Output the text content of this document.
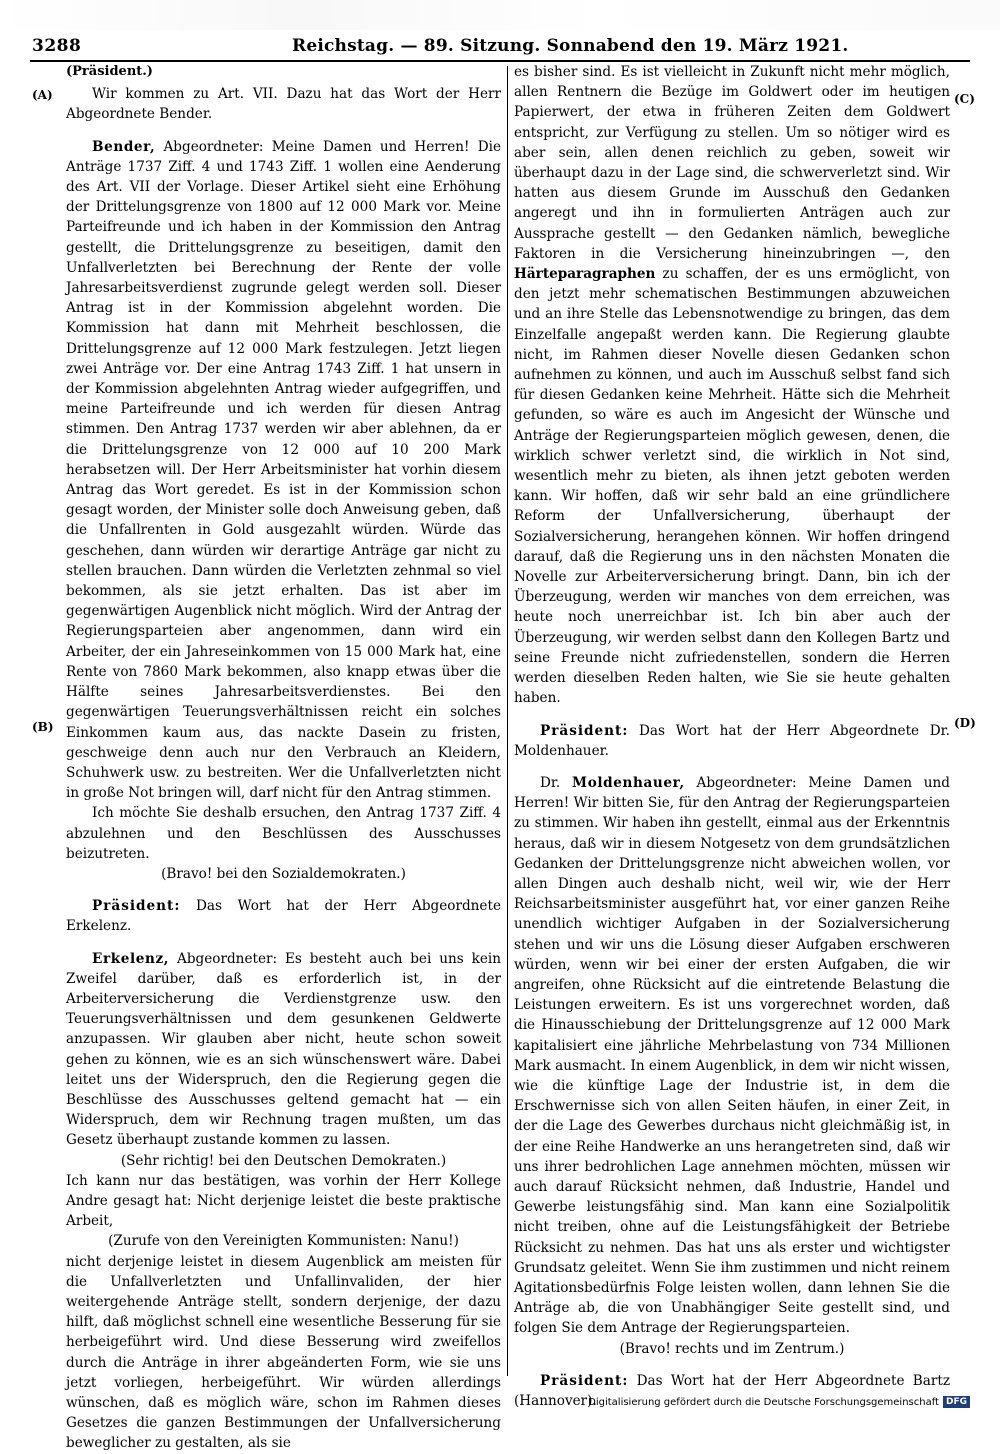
3288	Reichstag. — 89. Sitzung. Sonnabend den 19. März 1921.
(A)
(B)
(C)
(D)

(Präsident.)

Wir kommen zu Art. VII. Dazu hat das Wort der Herr Abgeordnete Bender.

Bender, Abgeordneter: Meine Damen und Herren! Die Anträge 1737 Ziff. 4 und 1743 Ziff. 1 wollen eine Aenderung des Art. VII der Vorlage. Dieser Artikel sieht eine Erhöhung der Drittelungsgrenze von 1800 auf 12 000 Mark vor. Meine Parteifreunde und ich haben in der Kommission den Antrag gestellt, die Drittelungsgrenze zu beseitigen, damit den Unfallverletzten bei Berechnung der Rente der volle Jahresarbeitsverdienst zugrunde gelegt werden soll. Dieser Antrag ist in der Kommission abgelehnt worden. Die Kommission hat dann mit Mehrheit beschlossen, die Drittelungsgrenze auf 12 000 Mark festzulegen. Jetzt liegen zwei Anträge vor. Der eine Antrag 1743 Ziff. 1 hat unsern in der Kommission abgelehnten Antrag wieder aufgegriffen, und meine Parteifreunde und ich werden für diesen Antrag stimmen. Den Antrag 1737 werden wir aber ablehnen, da er die Drittelungsgrenze von 12 000 auf 10 200 Mark herabsetzen will. Der Herr Arbeitsminister hat vorhin diesem Antrag das Wort geredet. Es ist in der Kommission schon gesagt worden, der Minister solle doch Anweisung geben, daß die Unfallrenten in Gold ausgezahlt würden. Würde das geschehen, dann würden wir derartige Anträge gar nicht zu stellen brauchen. Dann würden die Verletzten zehnmal so viel bekommen, als sie jetzt erhalten. Das ist aber im gegenwärtigen Augenblick nicht möglich. Wird der Antrag der Regierungsparteien aber angenommen, dann wird ein Arbeiter, der ein Jahreseinkommen von 15 000 Mark hat, eine Rente von 7860 Mark bekommen, also knapp etwas über die Hälfte seines Jahresarbeitsverdienstes. Bei den gegenwärtigen Teuerungsverhältnissen reicht ein solches Einkommen kaum aus, das nackte Dasein zu fristen, geschweige denn auch nur den Verbrauch an Kleidern, Schuhwerk usw. zu bestreiten. Wer die Unfallverletzten nicht in große Not bringen will, darf nicht für den Antrag stimmen.

Ich möchte Sie deshalb ersuchen, den Antrag 1737 Ziff. 4 abzulehnen und den Beschlüssen des Ausschusses beizutreten.

(Bravo! bei den Sozialdemokraten.)

Präsident: Das Wort hat der Herr Abgeordnete Erkelenz.

Erkelenz, Abgeordneter: Es besteht auch bei uns kein Zweifel darüber, daß es erforderlich ist, in der Arbeiterversicherung die Verdienstgrenze usw. den Teuerungsverhältnissen und dem gesunkenen Geldwerte anzupassen. Wir glauben aber nicht, heute schon soweit gehen zu können, wie es an sich wünschenswert wäre. Dabei leitet uns der Widerspruch, den die Regierung gegen die Beschlüsse des Ausschusses geltend gemacht hat — ein Widerspruch, dem wir Rechnung tragen mußten, um das Gesetz überhaupt zustande kommen zu lassen.

(Sehr richtig! bei den Deutschen Demokraten.)

Ich kann nur das bestätigen, was vorhin der Herr Kollege Andre gesagt hat: Nicht derjenige leistet die beste praktische Arbeit,

(Zurufe von den Vereinigten Kommunisten: Nanu!)

nicht derjenige leistet in diesem Augenblick am meisten für die Unfallverletzten und Unfallinvaliden, der hier weitergehende Anträge stellt, sondern derjenige, der dazu hilft, daß möglichst schnell eine wesentliche Besserung für sie herbeigeführt wird. Und diese Besserung wird zweifellos durch die Anträge in ihrer abgeänderten Form, wie sie uns jetzt vorliegen, herbeigeführt. Wir würden allerdings wünschen, daß es möglich wäre, schon im Rahmen dieses Gesetzes die ganzen Bestimmungen der Unfallversicherung beweglicher zu gestalten, als sie

es bisher sind. Es ist vielleicht in Zukunft nicht mehr möglich, allen Rentnern die Bezüge im Goldwert oder im heutigen Papierwert, der etwa in früheren Zeiten dem Goldwert entspricht, zur Verfügung zu stellen. Um so nötiger wird es aber sein, allen denen reichlich zu geben, soweit wir überhaupt dazu in der Lage sind, die schwerverletzt sind. Wir hatten aus diesem Grunde im Ausschuß den Gedanken angeregt und ihn in formulierten Anträgen auch zur Aussprache gestellt — den Gedanken nämlich, bewegliche Faktoren in die Versicherung hineinzubringen —, den Härteparagraphen zu schaffen, der es uns ermöglicht, von den jetzt mehr schematischen Bestimmungen abzuweichen und an ihre Stelle das Lebensnotwendige zu bringen, das dem Einzelfalle angepaßt werden kann. Die Regierung glaubte nicht, im Rahmen dieser Novelle diesen Gedanken schon aufnehmen zu können, und auch im Ausschuß selbst fand sich für diesen Gedanken keine Mehrheit. Hätte sich die Mehrheit gefunden, so wäre es auch im Angesicht der Wünsche und Anträge der Regierungsparteien möglich gewesen, denen, die wirklich schwer verletzt sind, die wirklich in Not sind, wesentlich mehr zu bieten, als ihnen jetzt geboten werden kann. Wir hoffen, daß wir sehr bald an eine gründlichere Reform der Unfallversicherung, überhaupt der Sozialversicherung, herangehen können. Wir hoffen dringend darauf, daß die Regierung uns in den nächsten Monaten die Novelle zur Arbeiterversicherung bringt. Dann, bin ich der Überzeugung, werden wir manches von dem erreichen, was heute noch unerreichbar ist. Ich bin aber auch der Überzeugung, wir werden selbst dann den Kollegen Bartz und seine Freunde nicht zufriedenstellen, sondern die Herren werden dieselben Reden halten, wie Sie sie heute gehalten haben.

Präsident: Das Wort hat der Herr Abgeordnete Dr. Moldenhauer.

Dr. Moldenhauer, Abgeordneter: Meine Damen und Herren! Wir bitten Sie, für den Antrag der Regierungsparteien zu stimmen. Wir haben ihn gestellt, einmal aus der Erkenntnis heraus, daß wir in diesem Notgesetz von dem grundsätzlichen Gedanken der Drittelungsgrenze nicht abweichen wollen, vor allen Dingen auch deshalb nicht, weil wir, wie der Herr Reichsarbeitsminister ausgeführt hat, vor einer ganzen Reihe unendlich wichtiger Aufgaben in der Sozialversicherung stehen und wir uns die Lösung dieser Aufgaben erschweren würden, wenn wir bei einer der ersten Aufgaben, die wir angreifen, ohne Rücksicht auf die eintretende Belastung die Leistungen erweitern. Es ist uns vorgerechnet worden, daß die Hinausschiebung der Drittelungsgrenze auf 12 000 Mark kapitalisiert eine jährliche Mehrbelastung von 734 Millionen Mark ausmacht. In einem Augenblick, in dem wir nicht wissen, wie die künftige Lage der Industrie ist, in dem die Erschwernisse sich von allen Seiten häufen, in einer Zeit, in der die Lage des Gewerbes durchaus nicht gleichmäßig ist, in der eine Reihe Handwerke an uns herangetreten sind, daß wir uns ihrer bedrohlichen Lage annehmen möchten, müssen wir auch darauf Rücksicht nehmen, daß Industrie, Handel und Gewerbe leistungsfähig sind. Man kann eine Sozialpolitik nicht treiben, ohne auf die Leistungsfähigkeit der Betriebe Rücksicht zu nehmen. Das hat uns als erster und wichtigster Grundsatz geleitet. Wenn Sie ihm zustimmen und nicht reinem Agitationsbedürfnis Folge leisten wollen, dann lehnen Sie die Anträge ab, die von Unabhängiger Seite gestellt sind, und folgen Sie dem Antrage der Regierungsparteien.

(Bravo! rechts und im Zentrum.)

Präsident: Das Wort hat der Herr Abgeordnete Bartz (Hannover).

Digitalisierung gefördert durch die Deutsche Forschungsgemeinschaft DFG
